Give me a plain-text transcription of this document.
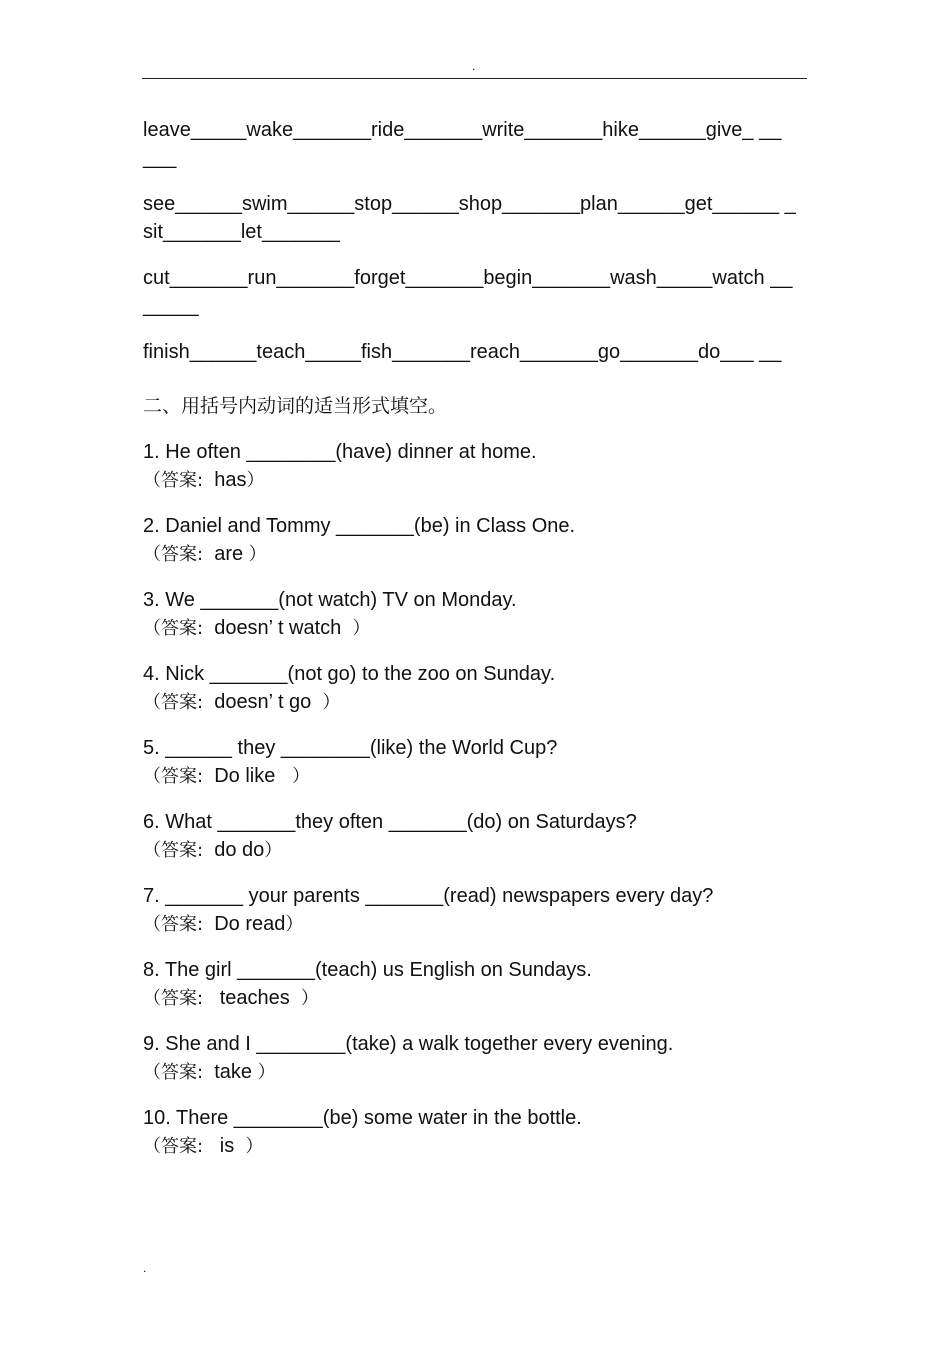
.
leave_____wake_______ride_______write_______hike______give_ _____
see______swim______stop______shop_______plan______get______ _ sit_______let_______
cut_______run_______forget_______begin_______wash_____watch _______
finish______teach_____fish_______reach_______go_______do___ __
二、用括号内动词的适当形式填空。
1. He often ________(have) dinner at home.
（答案:  has）
2. Daniel and Tommy _______(be) in Class One.
（答案:  are ）
3. We _______(not watch) TV on Monday.
（答案:  doesn’ t watch  ）
4. Nick _______(not go) to the zoo on Sunday.
（答案:  doesn’ t go  ）
5. ______ they ________(like) the World Cup?
（答案:  Do like   ）
6. What _______they often _______(do) on Saturdays?
（答案:  do do）
7. _______ your parents _______(read) newspapers every day?
（答案:  Do read）
8. The girl _______(teach) us English on Sundays.
（答案:   teaches  ）
9. She and I ________(take) a walk together every evening.
（答案:  take ）
10. There ________(be) some water in the bottle.
（答案:   is  ）
.
